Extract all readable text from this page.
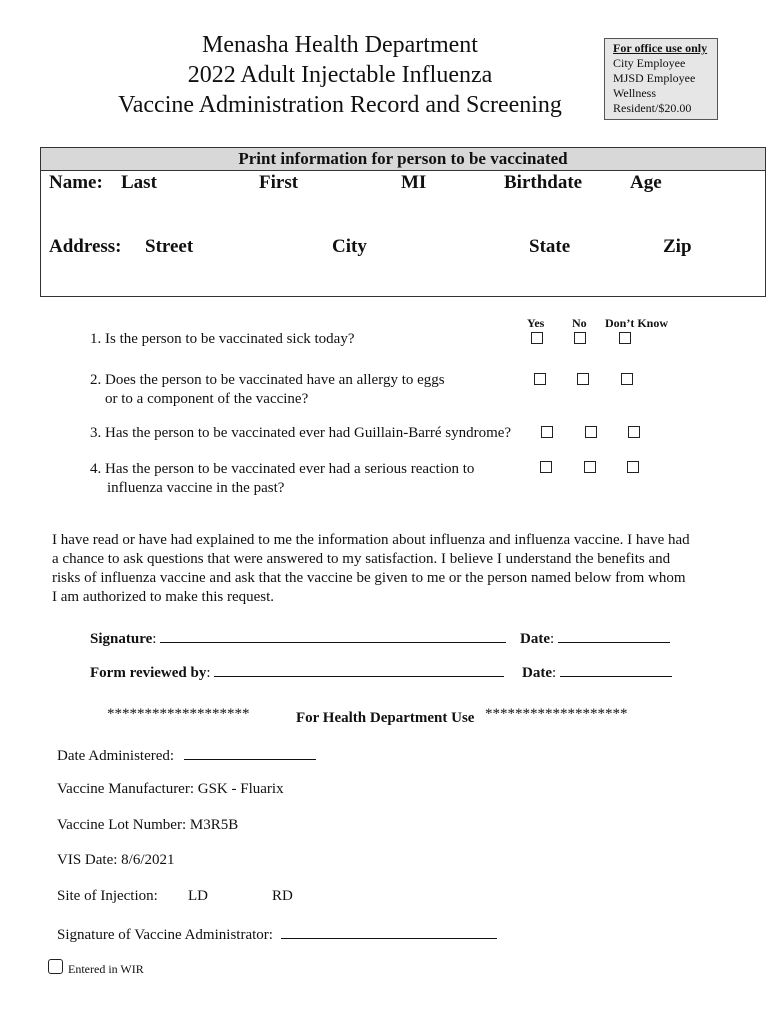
Menasha Health Department
2022 Adult Injectable Influenza
Vaccine Administration Record and Screening
For office use only
City Employee
MJSD Employee
Wellness
Resident/$20.00
Print information for person to be vaccinated
Name: Last	First	MI	Birthdate	Age
Address: Street	City	State	Zip
Yes No Don’t Know
1. Is the person to be vaccinated sick today?
2. Does the person to be vaccinated have an allergy to eggs
or to a component of the vaccine?
3. Has the person to be vaccinated ever had Guillain-Barré syndrome?
4. Has the person to be vaccinated ever had a serious reaction to
influenza vaccine in the past?
I have read or have had explained to me the information about influenza and influenza vaccine. I have had a chance to ask questions that were answered to my satisfaction. I believe I understand the benefits and risks of influenza vaccine and ask that the vaccine be given to me or the person named below from whom I am authorized to make this request.
Signature:	Date:
Form reviewed by:	Date:
*******************	For Health Department Use *******************
Date Administered:
Vaccine Manufacturer: GSK - Fluarix
Vaccine Lot Number: M3R5B
VIS Date: 8/6/2021
Site of Injection: LD	RD
Signature of Vaccine Administrator:
Entered in WIR
